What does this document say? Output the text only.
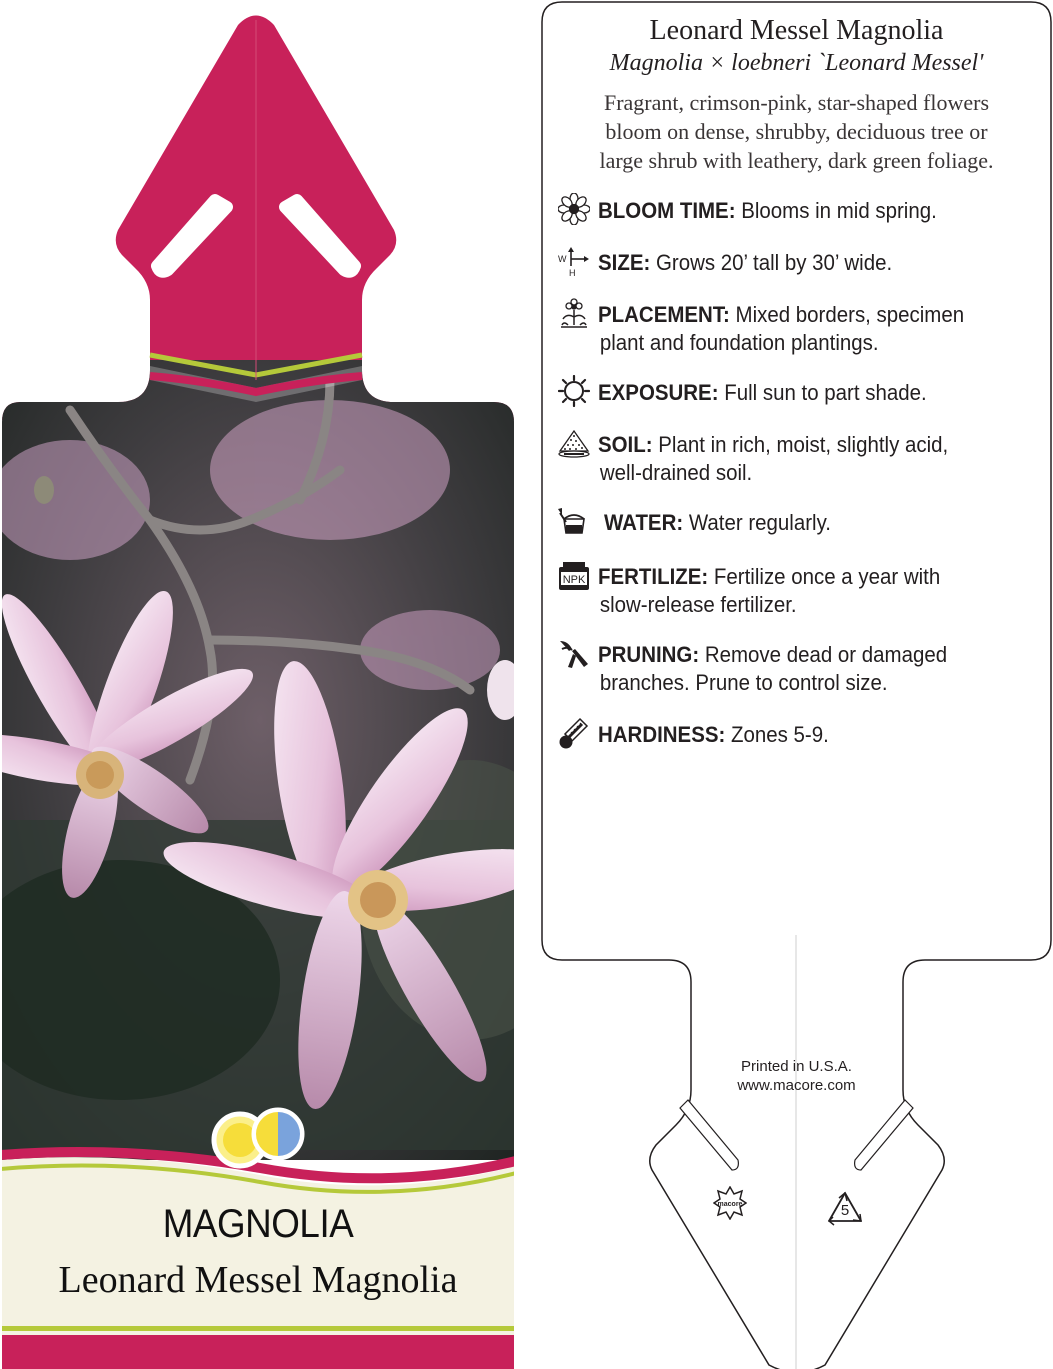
MAGNOLIA
Leonard Messel Magnolia
Leonard Messel Magnolia
Magnolia × loebneri `Leonard Messel'
Fragrant, crimson-pink, star-shaped flowers
bloom on dense, shrubby, deciduous tree or
large shrub with leathery, dark green foliage.
BLOOM TIME: Blooms in mid spring.
W
H SIZE: Grows 20’ tall by 30’ wide.
PLACEMENT: Mixed borders, specimen
plant and foundation plantings.
EXPOSURE: Full sun to part shade.
SOIL: Plant in rich, moist, slightly acid,
well-drained soil.
WATER: Water regularly.
NPK FERTILIZE: Fertilize once a year with
slow-release fertilizer.
PRUNING: Remove dead or damaged
branches. Prune to control size.
HARDINESS: Zones 5-9.
Printed in U.S.A.
www.macore.com
macore	5
